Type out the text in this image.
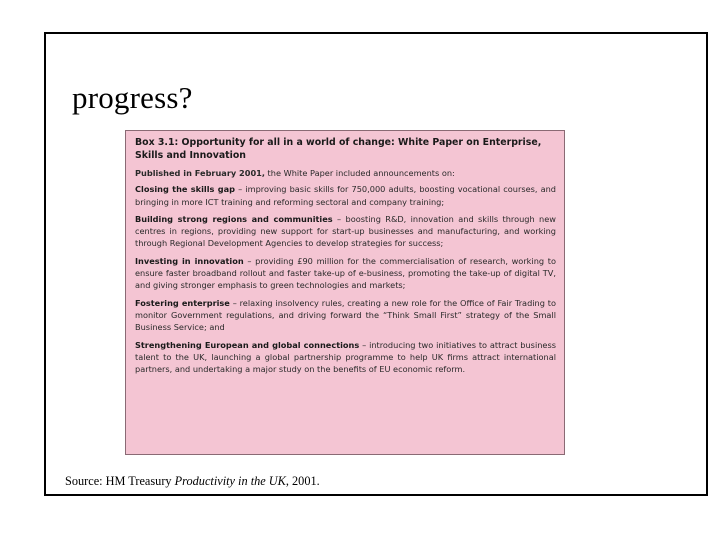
progress?
Box 3.1: Opportunity for all in a world of change: White Paper on Enterprise, Skills and Innovation
Published in February 2001, the White Paper included announcements on:
Closing the skills gap – improving basic skills for 750,000 adults, boosting vocational courses, and bringing in more ICT training and reforming sectoral and company training;
Building strong regions and communities – boosting R&D, innovation and skills through new centres in regions, providing new support for start-up businesses and manufacturing, and working through Regional Development Agencies to develop strategies for success;
Investing in innovation – providing £90 million for the commercialisation of research, working to ensure faster broadband rollout and faster take-up of e-business, promoting the take-up of digital TV, and giving stronger emphasis to green technologies and markets;
Fostering enterprise – relaxing insolvency rules, creating a new role for the Office of Fair Trading to monitor Government regulations, and driving forward the “Think Small First” strategy of the Small Business Service; and
Strengthening European and global connections – introducing two initiatives to attract business talent to the UK, launching a global partnership programme to help UK firms attract international partners, and undertaking a major study on the benefits of EU economic reform.
Source: HM Treasury Productivity in the UK, 2001.
